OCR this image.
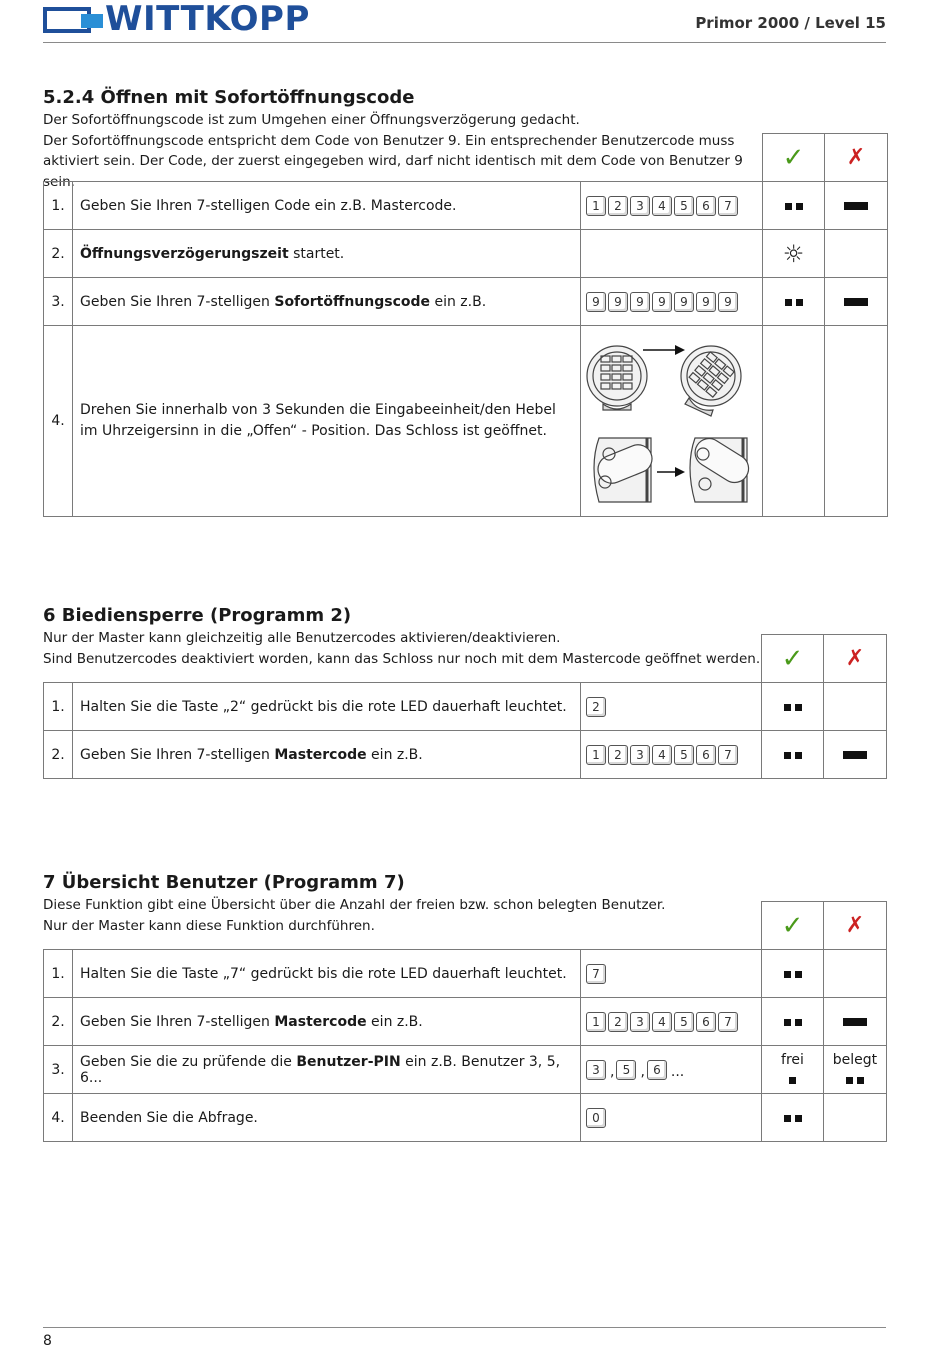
WITTKOPP	Primor 2000 / Level 15
5.2.4 Öffnen mit Sofortöffnungscode
Der Sofortöffnungscode ist zum Umgehen einer Öffnungsverzögerung gedacht.
Der Sofortöffnungscode entspricht dem Code von Benutzer 9. Ein entsprechender Benutzercode muss aktiviert sein. Der Code, der zuerst eingegeben wird, darf nicht identisch mit dem Code von Benutzer 9 sein.
			✓	✗
1.	Geben Sie Ihren 7-stelligen Code ein z.B. Mastercode.	1 2 3 4 5 6 7		
2.	Öffnungsverzögerungszeit startet.		☼	
3.	Geben Sie Ihren 7-stelligen Sofortöffnungscode ein z.B.	9 9 9 9 9 9 9		
4.	Drehen Sie innerhalb von 3 Sekunden die Eingabeeinheit/den Hebel im Uhrzeigersinn in die „Offen“ - Position. Das Schloss ist geöffnet.			
6 Biediensperre (Programm 2)
Nur der Master kann gleichzeitig alle Benutzercodes aktivieren/deaktivieren.
Sind Benutzercodes deaktiviert worden, kann das Schloss nur noch mit dem Mastercode geöffnet werden.
			✓	✗
1.	Halten Sie die Taste „2“ gedrückt bis die rote LED dauerhaft leuchtet.	2		
2.	Geben Sie Ihren 7-stelligen Mastercode ein z.B.	1 2 3 4 5 6 7		
7 Übersicht Benutzer (Programm 7)
Diese Funktion gibt eine Übersicht über die Anzahl der freien bzw. schon belegten Benutzer.
Nur der Master kann diese Funktion durchführen.
				✓	✗
1.	Halten Sie die Taste „7“ gedrückt bis die rote LED dauerhaft leuchtet.	7		
2.	Geben Sie Ihren 7-stelligen Mastercode ein z.B.	1 2 3 4 5 6 7		
3.	Geben Sie die zu prüfende die Benutzer-PIN ein z.B. Benutzer 3, 5, 6...	3 , 5 , 6 ...	frei	belegt

4.	Beenden Sie die Abfrage.	0		
8
